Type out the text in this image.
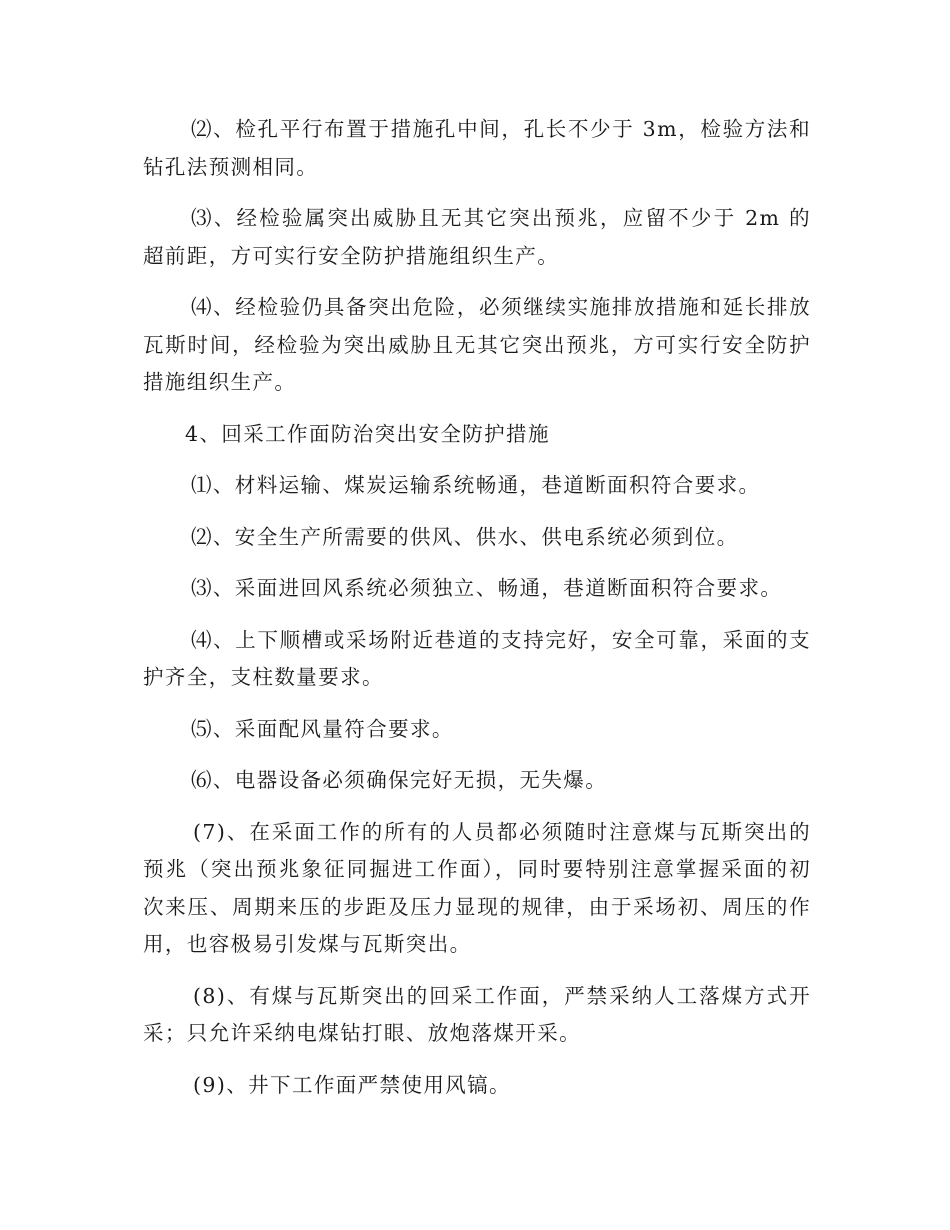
⑵、检孔平行布置于措施孔中间，孔长不少于 3m，检验方法和钻孔法预测相同。

⑶、经检验属突出威胁且无其它突出预兆，应留不少于 2m 的超前距，方可实行安全防护措施组织生产。

⑷、经检验仍具备突出危险，必须继续实施排放措施和延长排放瓦斯时间，经检验为突出威胁且无其它突出预兆，方可实行安全防护措施组织生产。

4、回采工作面防治突出安全防护措施

⑴、材料运输、煤炭运输系统畅通，巷道断面积符合要求。

⑵、安全生产所需要的供风、供水、供电系统必须到位。

⑶、采面进回风系统必须独立、畅通，巷道断面积符合要求。

⑷、上下顺槽或采场附近巷道的支持完好，安全可靠，采面的支护齐全，支柱数量要求。

⑸、采面配风量符合要求。

⑹、电器设备必须确保完好无损，无失爆。

(7)、在采面工作的所有的人员都必须随时注意煤与瓦斯突出的预兆（突出预兆象征同掘进工作面），同时要特别注意掌握采面的初次来压、周期来压的步距及压力显现的规律，由于采场初、周压的作用，也容极易引发煤与瓦斯突出。

(8)、有煤与瓦斯突出的回采工作面，严禁采纳人工落煤方式开采；只允许采纳电煤钻打眼、放炮落煤开采。

(9)、井下工作面严禁使用风镐。
